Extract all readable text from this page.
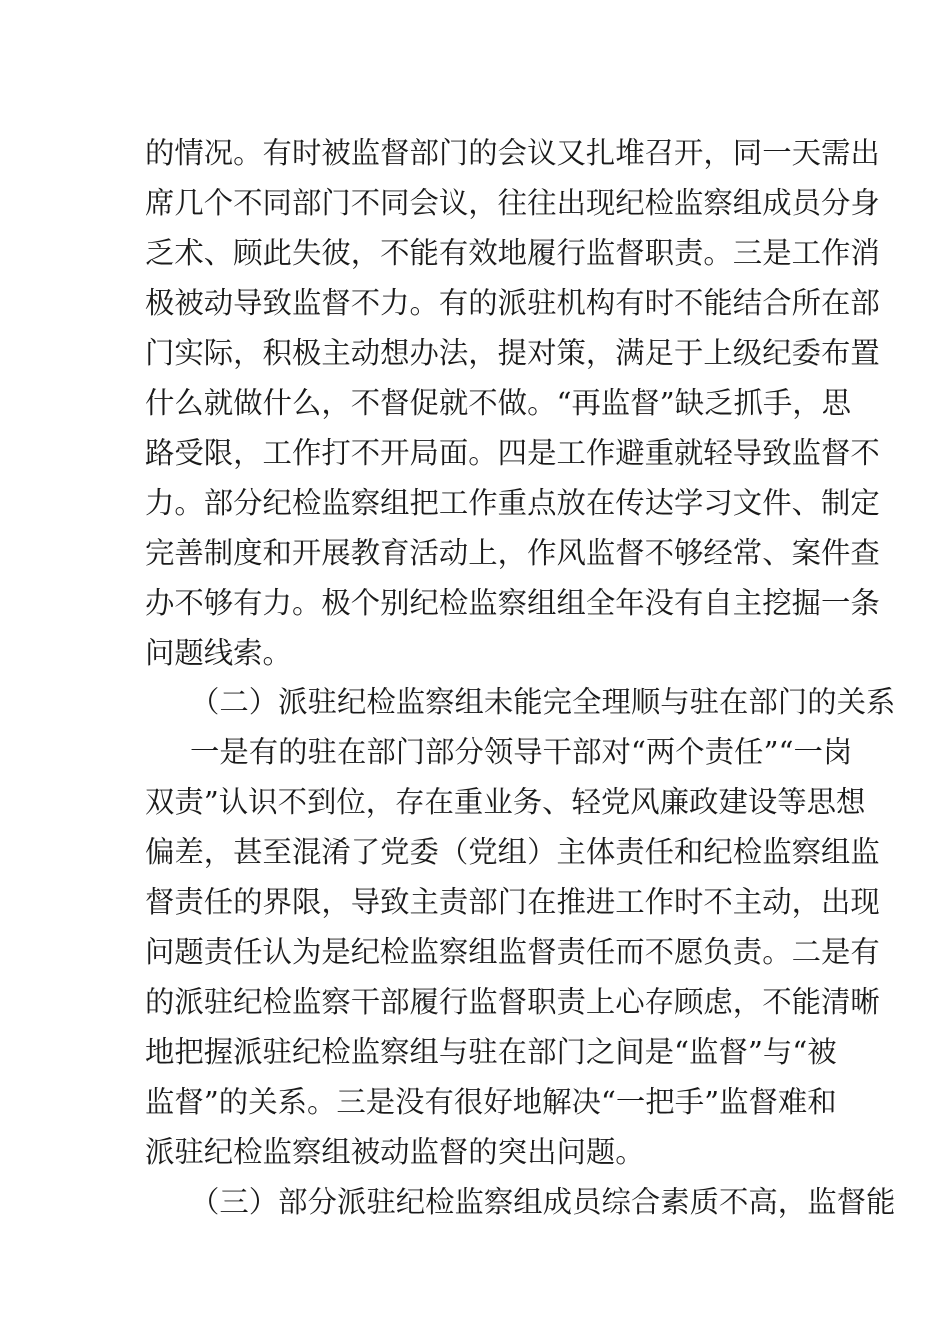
的情况。有时被监督部门的会议又扎堆召开，同一天需出
席几个不同部门不同会议，往往出现纪检监察组成员分身
乏术、顾此失彼，不能有效地履行监督职责。三是工作消
极被动导致监督不力。有的派驻机构有时不能结合所在部
门实际，积极主动想办法，提对策，满足于上级纪委布置
什么就做什么，不督促就不做。“再监督”缺乏抓手，思
路受限，工作打不开局面。四是工作避重就轻导致监督不
力。部分纪检监察组把工作重点放在传达学习文件、制定
完善制度和开展教育活动上，作风监督不够经常、案件查
办不够有力。极个别纪检监察组组全年没有自主挖掘一条
问题线索。
（二）派驻纪检监察组未能完全理顺与驻在部门的关系
一是有的驻在部门部分领导干部对“两个责任”“一岗
双责”认识不到位，存在重业务、轻党风廉政建设等思想
偏差，甚至混淆了党委（党组）主体责任和纪检监察组监
督责任的界限，导致主责部门在推进工作时不主动，出现
问题责任认为是纪检监察组监督责任而不愿负责。二是有
的派驻纪检监察干部履行监督职责上心存顾虑，不能清晰
地把握派驻纪检监察组与驻在部门之间是“监督”与“被
监督”的关系。三是没有很好地解决“一把手”监督难和
派驻纪检监察组被动监督的突出问题。
（三）部分派驻纪检监察组成员综合素质不高，监督能
